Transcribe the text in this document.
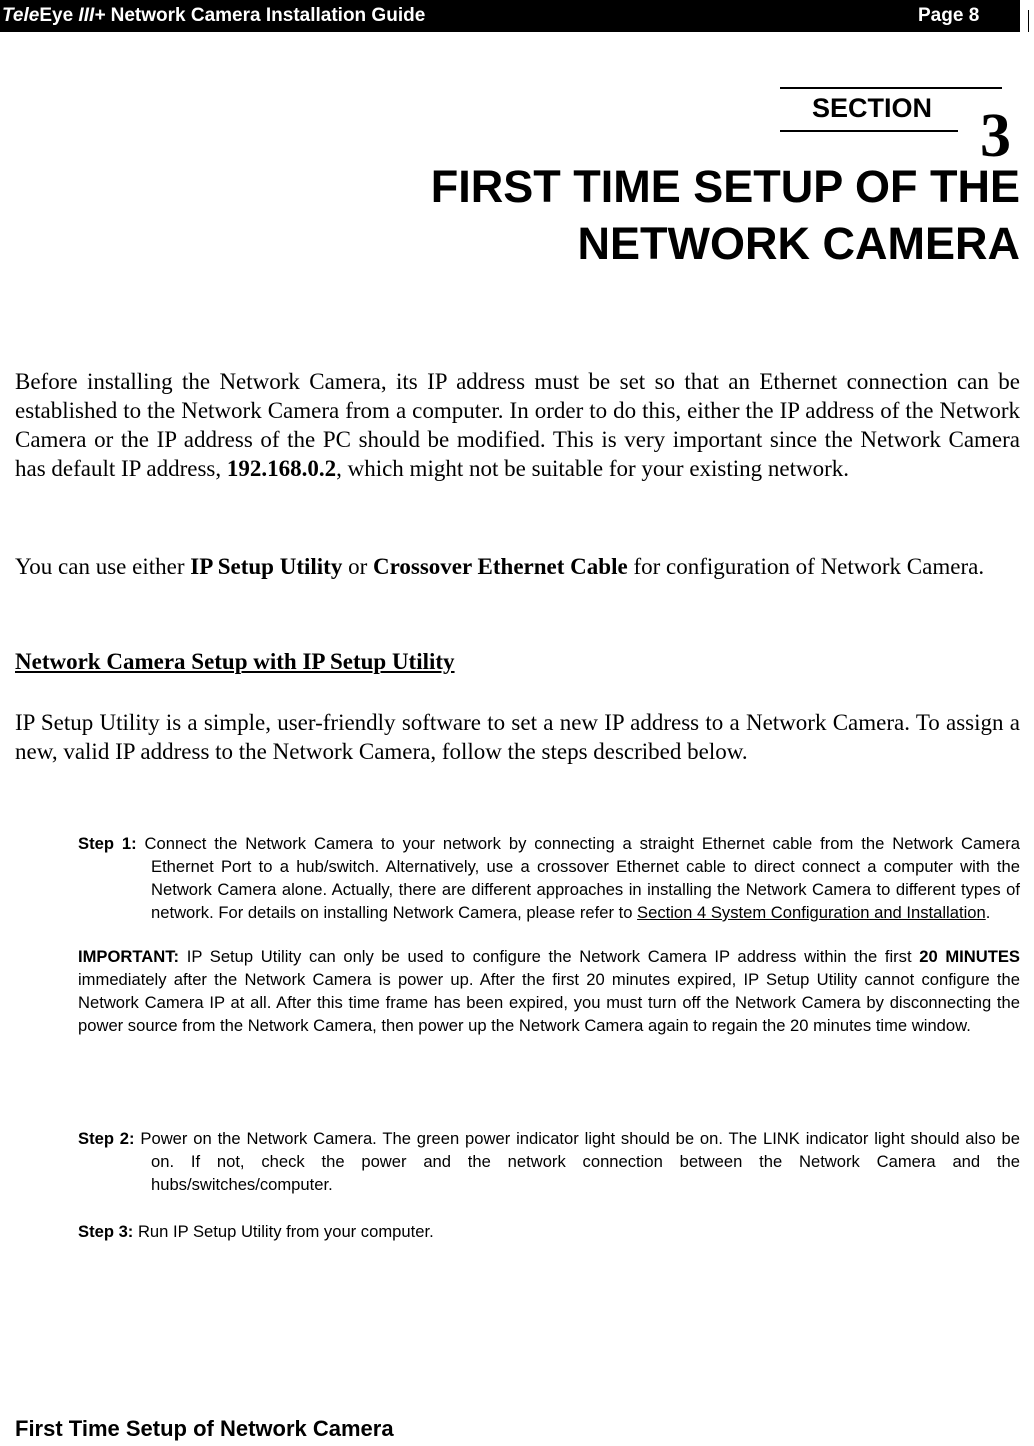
TeleEye III+ Network Camera Installation Guide	Page 8
SECTION 3
FIRST TIME SETUP OF THE
NETWORK CAMERA

Before installing the Network Camera, its IP address must be set so that an Ethernet connection can be established to the Network Camera from a computer. In order to do this, either the IP address of the Network Camera or the IP address of the PC should be modified. This is very important since the Network Camera has default IP address, 192.168.0.2, which might not be suitable for your existing network.

You can use either IP Setup Utility or Crossover Ethernet Cable for configuration of Network Camera.

Network Camera Setup with IP Setup Utility

IP Setup Utility is a simple, user-friendly software to set a new IP address to a Network Camera. To assign a new, valid IP address to the Network Camera, follow the steps described below.

Step 1: Connect the Network Camera to your network by connecting a straight Ethernet cable from the Network Camera Ethernet Port to a hub/switch. Alternatively, use a crossover Ethernet cable to direct connect a computer with the Network Camera alone. Actually, there are different approaches in installing the Network Camera to different types of network. For details on installing Network Camera, please refer to Section 4 System Configuration and Installation.

IMPORTANT: IP Setup Utility can only be used to configure the Network Camera IP address within the first 20 MINUTES immediately after the Network Camera is power up. After the first 20 minutes expired, IP Setup Utility cannot configure the Network Camera IP at all. After this time frame has been expired, you must turn off the Network Camera by disconnecting the power source from the Network Camera, then power up the Network Camera again to regain the 20 minutes time window.

Step 2: Power on the Network Camera. The green power indicator light should be on. The LINK indicator light should also be on. If not, check the power and the network connection between the Network Camera and the hubs/switches/computer.

Step 3: Run IP Setup Utility from your computer.

First Time Setup of Network Camera
